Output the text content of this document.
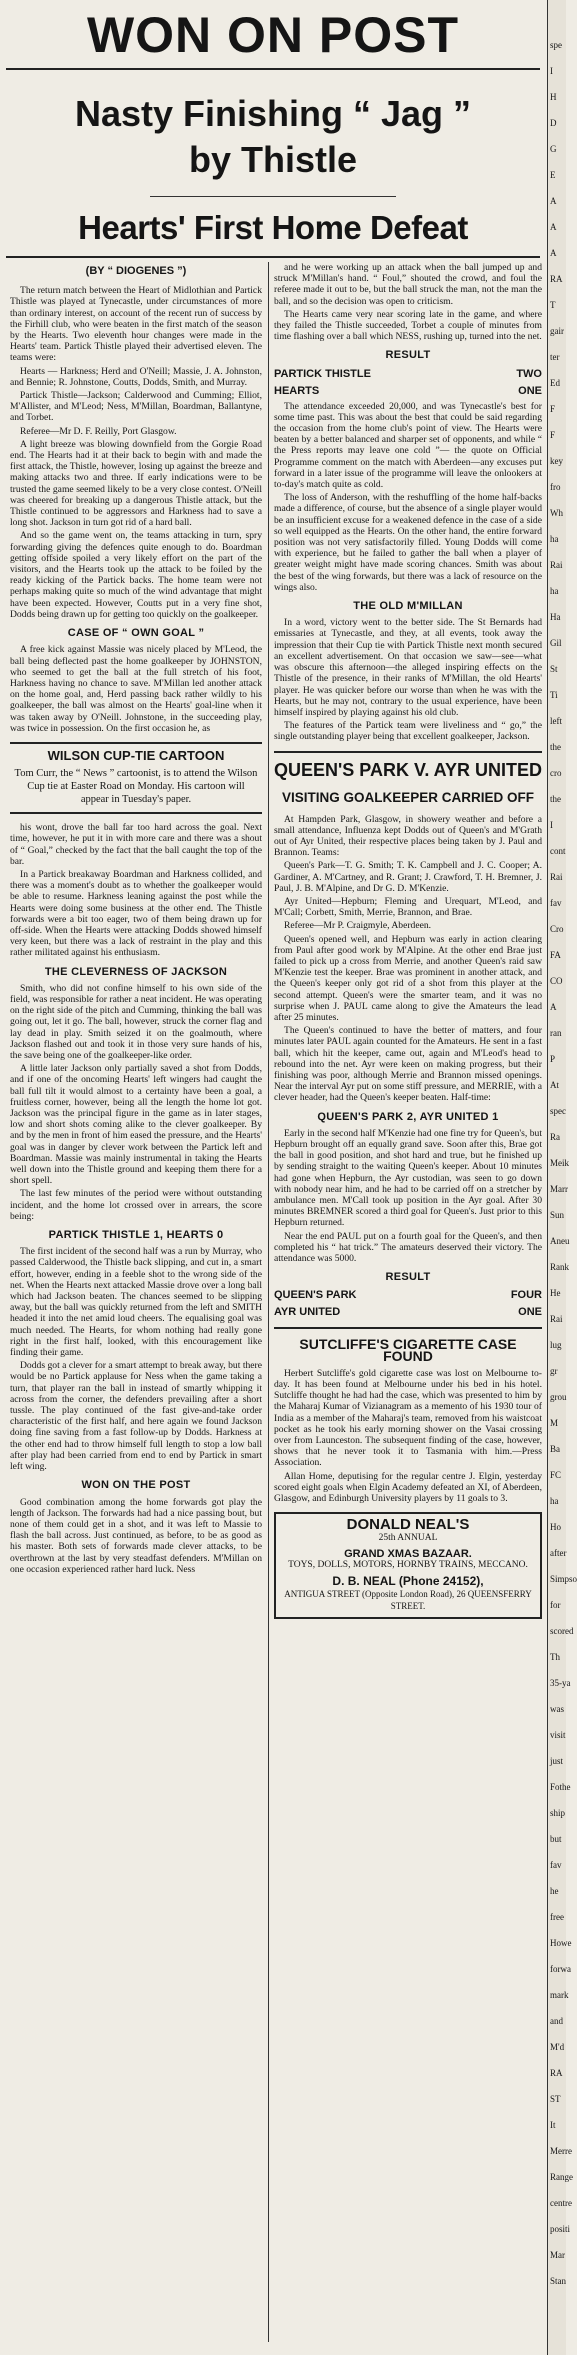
WON ON POST
Nasty Finishing “ Jag ”
by Thistle
Hearts' First Home Defeat
(BY “ DIOGENES ”)

The return match between the Heart of Midlothian and Partick Thistle was played at Tynecastle, under circumstances of more than ordinary interest, on account of the recent run of success by the Firhill club, who were beaten in the first match of the season by the Hearts. Two eleventh hour changes were made in the Hearts' team. Partick Thistle played their advertised eleven. The teams were:

Hearts — Harkness; Herd and O'Neill; Massie, J. A. Johnston, and Bennie; R. Johnstone, Coutts, Dodds, Smith, and Murray.

Partick Thistle—Jackson; Calderwood and Cumming; Elliot, M'Allister, and M'Leod; Ness, M'Millan, Boardman, Ballantyne, and Torbet.

Referee—Mr D. F. Reilly, Port Glasgow.

A light breeze was blowing downfield from the Gorgie Road end. The Hearts had it at their back to begin with and made the first attack, the Thistle, however, losing up against the breeze and making attacks two and three. If early indications were to be trusted the game seemed likely to be a very close contest. O'Neill was cheered for breaking up a dangerous Thistle attack, but the Thistle continued to be aggressors and Harkness had to save a long shot. Jackson in turn got rid of a hard ball.

And so the game went on, the teams attacking in turn, spry forwarding giving the defences quite enough to do. Boardman getting offside spoiled a very likely effort on the part of the visitors, and the Hearts took up the attack to be foiled by the ready kicking of the Partick backs. The home team were not perhaps making quite so much of the wind advantage that might have been expected. However, Coutts put in a very fine shot, Dodds being drawn up for getting too quickly on the goalkeeper.

CASE OF “ OWN GOAL ”

A free kick against Massie was nicely placed by M'Leod, the ball being deflected past the home goalkeeper by JOHNSTON, who seemed to get the ball at the full stretch of his foot, Harkness having no chance to save. M'Millan led another attack on the home goal, and, Herd passing back rather wildly to his goalkeeper, the ball was almost on the Hearts' goal-line when it was taken away by O'Neill. Johnstone, in the succeeding play, was twice in possession. On the first occasion he, as

WILSON CUP-TIE CARTOON
Tom Curr, the “ News ” cartoonist, is to attend the Wilson Cup tie at Easter Road on Monday. His cartoon will appear in Tuesday's paper.

his wont, drove the ball far too hard across the goal. Next time, however, he put it in with more care and there was a shout of “ Goal,” checked by the fact that the ball caught the top of the bar.

In a Partick breakaway Boardman and Harkness collided, and there was a moment's doubt as to whether the goalkeeper would be able to resume. Harkness leaning against the post while the Hearts were doing some business at the other end. The Thistle forwards were a bit too eager, two of them being drawn up for off-side. When the Hearts were attacking Dodds showed himself very keen, but there was a lack of restraint in the play and this rather militated against his enthusiasm.

THE CLEVERNESS OF JACKSON

Smith, who did not confine himself to his own side of the field, was responsible for rather a neat incident. He was operating on the right side of the pitch and Cumming, thinking the ball was going out, let it go. The ball, however, struck the corner flag and lay dead in play. Smith seized it on the goalmouth, where Jackson flashed out and took it in those very sure hands of his, the save being one of the goalkeeper-like order.

A little later Jackson only partially saved a shot from Dodds, and if one of the oncoming Hearts' left wingers had caught the ball full tilt it would almost to a certainty have been a goal, a fruitless corner, however, being all the length the home lot got. Jackson was the principal figure in the game as in later stages, low and short shots coming alike to the clever goalkeeper. By and by the men in front of him eased the pressure, and the Hearts' goal was in danger by clever work between the Partick left and Boardman. Massie was mainly instrumental in taking the Hearts well down into the Thistle ground and keeping them there for a short spell.

The last few minutes of the period were without outstanding incident, and the home lot crossed over in arrears, the score being:

PARTICK THISTLE 1, HEARTS 0

The first incident of the second half was a run by Murray, who passed Calderwood, the Thistle back slipping, and cut in, a smart effort, however, ending in a feeble shot to the wrong side of the net. When the Hearts next attacked Massie drove over a long ball which had Jackson beaten. The chances seemed to be slipping away, but the ball was quickly returned from the left and SMITH headed it into the net amid loud cheers. The equalising goal was much needed. The Hearts, for whom nothing had really gone right in the first half, looked, with this encouragement like finding their game.

Dodds got a clever for a smart attempt to break away, but there would be no Partick applause for Ness when the game taking a turn, that player ran the ball in instead of smartly whipping it across from the corner, the defenders prevailing after a short tussle. The play continued of the fast give-and-take order characteristic of the first half, and here again we found Jackson doing fine saving from a fast follow-up by Dodds. Harkness at the other end had to throw himself full length to stop a low ball after play had been carried from end to end by Partick in smart left wing.

WON ON THE POST

Good combination among the home forwards got play the length of Jackson. The forwards had had a nice passing bout, but none of them could get in a shot, and it was left to Massie to flash the ball across. Just continued, as before, to be as good as his master. Both sets of forwards made clever attacks, to be overthrown at the last by very steadfast defenders. M'Millan on one occasion experienced rather hard luck. Ness

and he were working up an attack when the ball jumped up and struck M'Millan's hand. “ Foul,” shouted the crowd, and foul the referee made it out to be, but the ball struck the man, not the man the ball, and so the decision was open to criticism.

The Hearts came very near scoring late in the game, and where they failed the Thistle succeeded, Torbet a couple of minutes from time flashing over a ball which NESS, rushing up, turned into the net.

RESULT
PARTICK THISTLE	TWO
HEARTS	ONE

The attendance exceeded 20,000, and was Tynecastle's best for some time past. This was about the best that could be said regarding the occasion from the home club's point of view. The Hearts were beaten by a better balanced and sharper set of opponents, and while “ the Press reports may leave one cold ”— the quote on Official Programme comment on the match with Aberdeen—any excuses put forward in a later issue of the programme will leave the onlookers at to-day's match quite as cold.

The loss of Anderson, with the reshuffling of the home half-backs made a difference, of course, but the absence of a single player would be an insufficient excuse for a weakened defence in the case of a side so well equipped as the Hearts. On the other hand, the entire forward position was not very satisfactorily filled. Young Dodds will come with experience, but he failed to gather the ball when a player of greater weight might have made scoring chances. Smith was about the best of the wing forwards, but there was a lack of resource on the wings also.

THE OLD M'MILLAN

In a word, victory went to the better side. The St Bernards had emissaries at Tynecastle, and they, at all events, took away the impression that their Cup tie with Partick Thistle next month secured an excellent advertisement. On that occasion we saw—see—what was obscure this afternoon—the alleged inspiring effects on the Thistle of the presence, in their ranks of M'Millan, the old Hearts' player. He was quicker before our worse than when he was with the Hearts, but he may not, contrary to the usual experience, have been himself inspired by playing against his old club.

The features of the Partick team were liveliness and “ go,” the single outstanding player being that excellent goalkeeper, Jackson.

QUEEN'S PARK V. AYR UNITED
VISITING GOALKEEPER CARRIED OFF

At Hampden Park, Glasgow, in showery weather and before a small attendance, Influenza kept Dodds out of Queen's and M'Grath out of Ayr United, their respective places being taken by J. Paul and Brannon. Teams:

Queen's Park—T. G. Smith; T. K. Campbell and J. C. Cooper; A. Gardiner, A. M'Cartney, and R. Grant; J. Crawford, T. H. Bremner, J. Paul, J. B. M'Alpine, and Dr G. D. M'Kenzie.

Ayr United—Hepburn; Fleming and Urequart, M'Leod, and M'Call; Corbett, Smith, Merrie, Brannon, and Brae.

Referee—Mr P. Craigmyle, Aberdeen.

Queen's opened well, and Hepburn was early in action clearing from Paul after good work by M'Alpine. At the other end Brae just failed to pick up a cross from Merrie, and another Queen's raid saw M'Kenzie test the keeper. Brae was prominent in another attack, and the Queen's keeper only got rid of a shot from this player at the second attempt. Queen's were the smarter team, and it was no surprise when J. PAUL came along to give the Amateurs the lead after 25 minutes.

The Queen's continued to have the better of matters, and four minutes later PAUL again counted for the Amateurs. He sent in a fast ball, which hit the keeper, came out, again and M'Leod's head to rebound into the net. Ayr were keen on making progress, but their finishing was poor, although Merrie and Brannon missed openings. Near the interval Ayr put on some stiff pressure, and MERRIE, with a clever header, had the Queen's keeper beaten. Half-time:

QUEEN'S PARK 2, AYR UNITED 1

Early in the second half M'Kenzie had one fine try for Queen's, but Hepburn brought off an equally grand save. Soon after this, Brae got the ball in good position, and shot hard and true, but he finished up by sending straight to the waiting Queen's keeper. About 10 minutes had gone when Hepburn, the Ayr custodian, was seen to go down with nobody near him, and he had to be carried off on a stretcher by ambulance men. M'Call took up position in the Ayr goal. After 30 minutes BREMNER scored a third goal for Queen's. Just prior to this Hepburn returned.

Near the end PAUL put on a fourth goal for the Queen's, and then completed his “ hat trick.” The amateurs deserved their victory. The attendance was 5000.

RESULT
QUEEN'S PARK	FOUR
AYR UNITED	ONE
SUTCLIFFE'S CIGARETTE CASE FOUND

Herbert Sutcliffe's gold cigarette case was lost on Melbourne to-day. It has been found at Melbourne under his bed in his hotel. Sutcliffe thought he had had the case, which was presented to him by the Maharaj Kumar of Vizianagram as a memento of his 1930 tour of India as a member of the Maharaj's team, removed from his waistcoat pocket as he took his early morning shower on the Vasai crossing over from Launceston. The subsequent finding of the case, however, shows that he never took it to Tasmania with him.—Press Association.

Allan Home, deputising for the regular centre J. Elgin, yesterday scored eight goals when Elgin Academy defeated an XI, of Aberdeen, Glasgow, and Edinburgh University players by 11 goals to 3.

DONALD NEAL'S
25th ANNUAL
GRAND XMAS BAZAAR.
TOYS, DOLLS, MOTORS, HORNBY TRAINS, MECCANO.
D. B. NEAL (Phone 24152),
ANTIGUA STREET (Opposite London Road), 26 QUEENSFERRY STREET.
spe
I
H
D
G
E
A
A
A
RA
T
gair
ter
Ed
F
F
key
fro
Wh
ha
Rai
ha
Ha
Gil
St
Ti
left
the
cro
the
I
cont
Rai
fav
Cro
FA
CO
A
ran
P
At
spec
Ra
Meik
Marr
Sun
Aneu
Rank
He
Rai
lug
gr
grou
M
Ba
FC
ha
Ho
after
Simpso
for
scored
Th
35-ya
was
visit
just
Fothe
ship
but
fav
he
free
Howe
forwa
mark
and
M'd
RA
ST
It
Merre
Range
centre
positi
Mar
Stan
